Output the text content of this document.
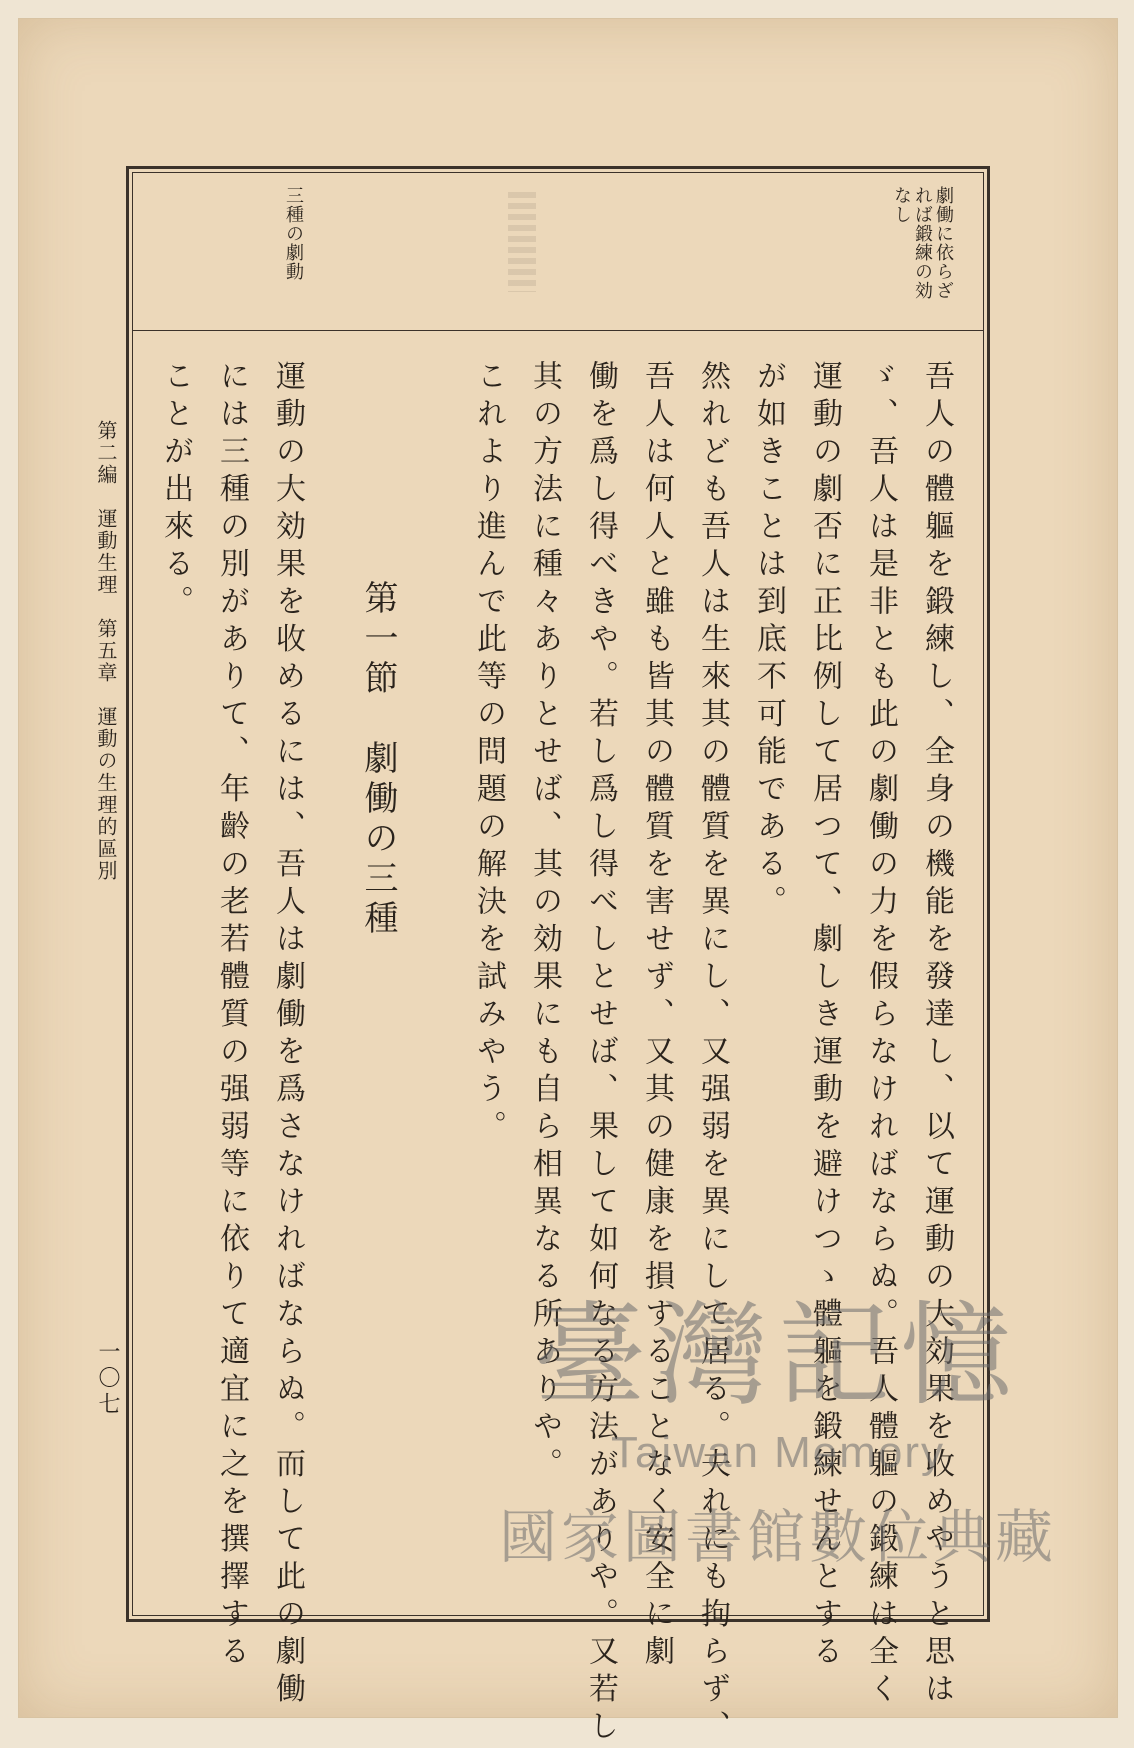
劇働に依らざ
れば鍛練の効
なし
三種の劇動
吾人の體軀を鍛練し、全身の機能を發達し、以て運動の大効果を收めやうと思は
ゞ、吾人は是非とも此の劇働の力を假らなければならぬ。吾人體軀の鍛練は全く
運動の劇否に正比例して居つて、劇しき運動を避けつゝ體軀を鍛練せんとする
が如きことは到底不可能である。
然れども吾人は生來其の體質を異にし、又强弱を異にして居る。夫れにも拘らず、
吾人は何人と雖も皆其の體質を害せず、又其の健康を損することなく安全に劇
働を爲し得べきや。若し爲し得べしとせば、果して如何なる方法がありや。又若し
其の方法に種々ありとせば、其の効果にも自ら相異なる所ありや。
これより進んで此等の問題の解決を試みやう。
第一節　劇働の三種
運動の大効果を收めるには、吾人は劇働を爲さなければならぬ。而して此の劇働
には三種の別がありて、年齡の老若體質の强弱等に依りて適宜に之を撰擇する
ことが出來る。
第二編　運動生理　第五章　運動の生理的區別
一〇七	臺灣記憶
Taiwan Memory
國家圖書館數位典藏
